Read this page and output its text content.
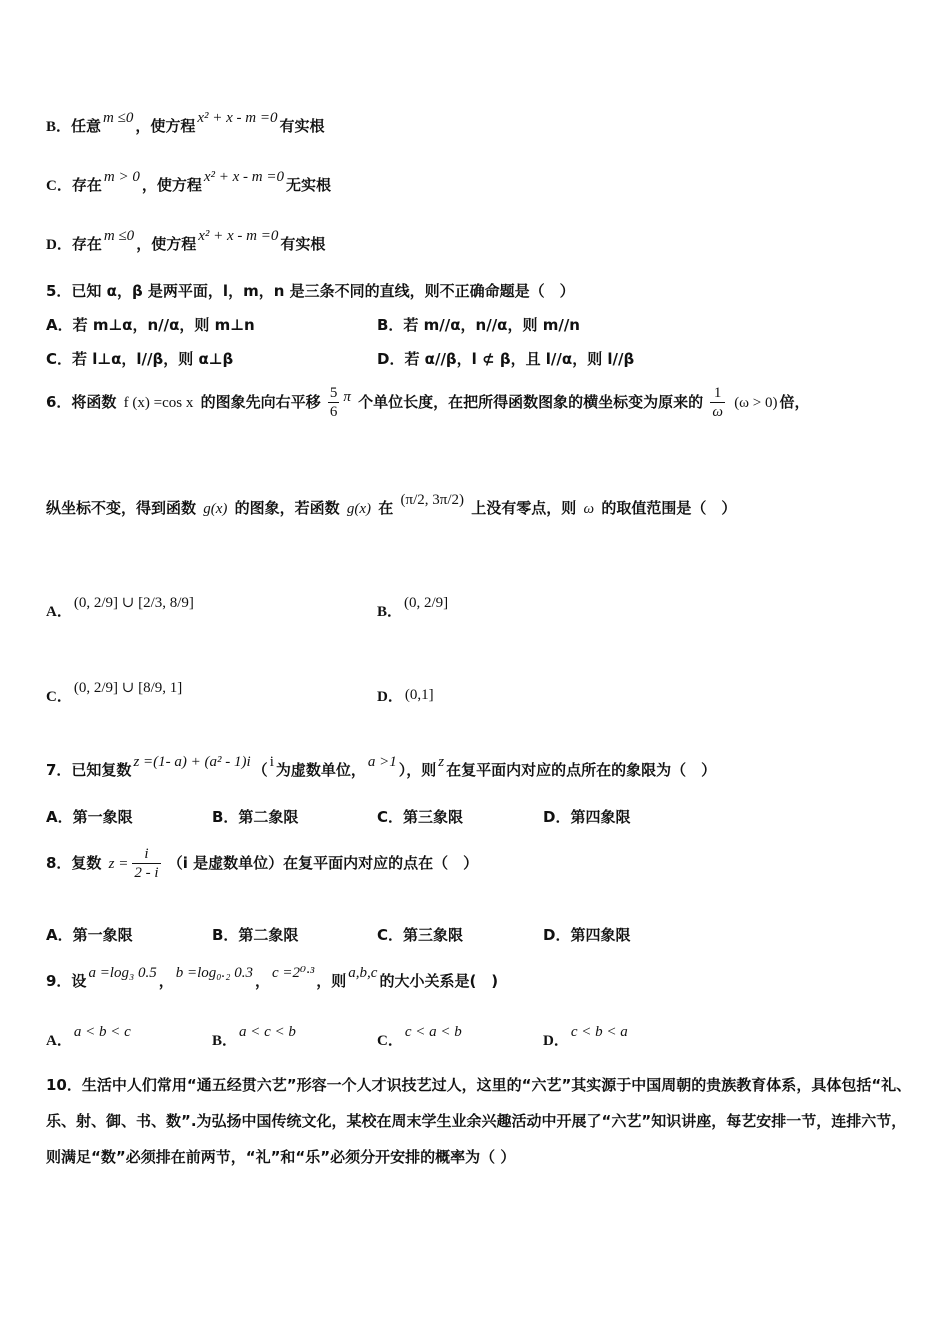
B．任意 m ≤0 ，使方程 x² + x - m =0 有实根
C．存在 m > 0 ，使方程 x² + x - m =0 无实根
D．存在 m ≤0 ，使方程 x² + x - m =0 有实根
5．已知 α，β 是两平面，l，m，n 是三条不同的直线，则不正确命题是（　）
A．若 m⊥α，n//α，则 m⊥n	B．若 m//α，n//α，则 m//n
C．若 l⊥α，l//β，则 α⊥β	D．若 α//β，l ⊄ β，且 l//α，则 l//β
6．将函数 f (x) =cos x 的图象先向右平移 $\frac{5}{6}$ π 个单位长度，在把所得函数图象的横坐标变为原来的 $\frac{1}{\omega} (\omega > 0)$ 倍，
纵坐标不变，得到函数 g(x) 的图象，若函数 g(x) 在 (π/2, 3π/2) 上没有零点，则 ω 的取值范围是（　）
A．(0, 2/9] ∪ [2/3, 8/9]
B．(0, 2/9]
C．(0, 2/9] ∪ [8/9, 1]
D． (0,1]
7．已知复数 z =(1- a) + (a² - 1)i （ i 为虚数单位， a >1 ），则 z 在复平面内对应的点所在的象限为（　）
A．第一象限	B．第二象限	C．第三象限	D．第四象限
8．复数 $z = \frac{i}{2 - i} (i$ 是虚数单位）在复平面内对应的点在（　）
A．第一象限	B．第二象限	C．第三象限	D．第四象限
9．设 a =log₃ 0.5 ， b =log₀.₂ 0.3 ， c =2⁰·³ ，则 a,b,c 的大小关系是(　)
A．a < b < c
B．a < c < b
C．c < a < b
D．c < b < a
10．生活中人们常用“通五经贯六艺”形容一个人才识技艺过人，这里的“六艺”其实源于中国周朝的贵族教育体系，具体包括“礼、乐、射、御、书、数”.为弘扬中国传统文化，某校在周末学生业余兴趣活动中开展了“六艺”知识讲座，每艺安排一节，连排六节，则满足“数”必须排在前两节，“礼”和“乐”必须分开安排的概率为（ ）
